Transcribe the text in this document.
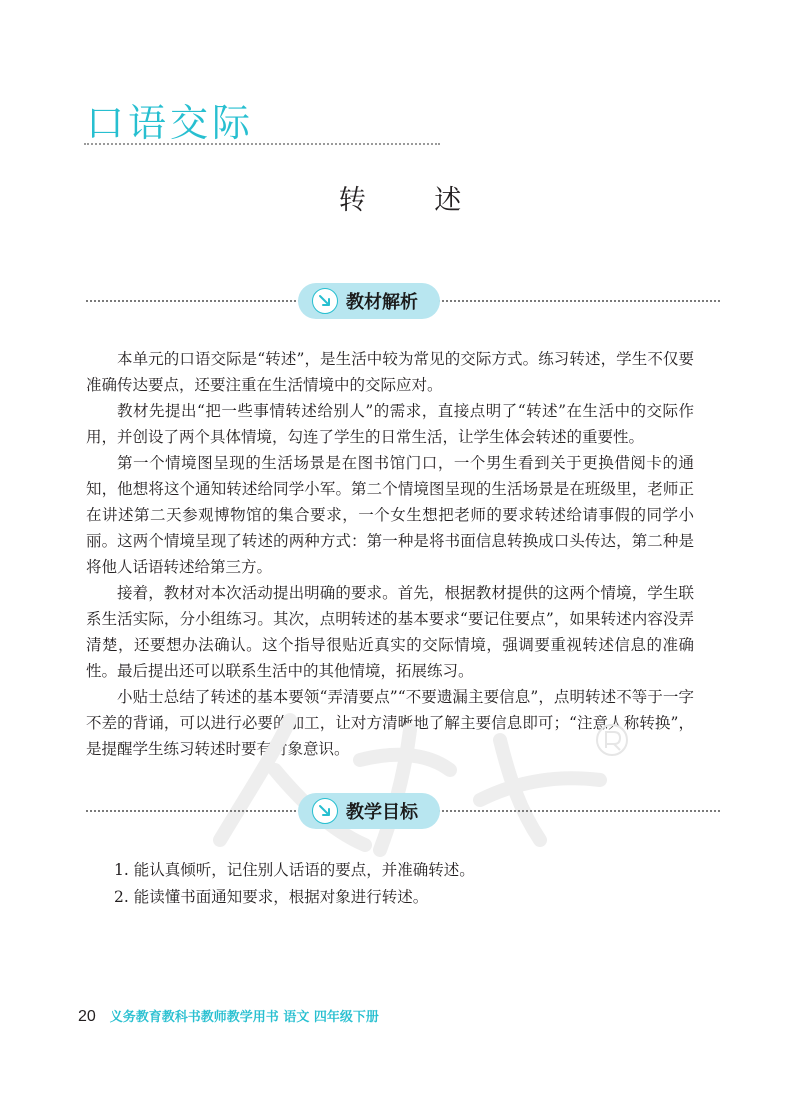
口语交际
转 述
教材解析

本单元的口语交际是“转述”，是生活中较为常见的交际方式。练习转述，学生不仅要准确传达要点，还要注重在生活情境中的交际应对。

教材先提出“把一些事情转述给别人”的需求，直接点明了“转述”在生活中的交际作用，并创设了两个具体情境，勾连了学生的日常生活，让学生体会转述的重要性。

第一个情境图呈现的生活场景是在图书馆门口，一个男生看到关于更换借阅卡的通知，他想将这个通知转述给同学小军。第二个情境图呈现的生活场景是在班级里，老师正在讲述第二天参观博物馆的集合要求，一个女生想把老师的要求转述给请事假的同学小丽。这两个情境呈现了转述的两种方式：第一种是将书面信息转换成口头传达，第二种是将他人话语转述给第三方。

接着，教材对本次活动提出明确的要求。首先，根据教材提供的这两个情境，学生联系生活实际，分小组练习。其次，点明转述的基本要求“要记住要点”，如果转述内容没弄清楚，还要想办法确认。这个指导很贴近真实的交际情境，强调要重视转述信息的准确性。最后提出还可以联系生活中的其他情境，拓展练习。

小贴士总结了转述的基本要领“弄清要点”“不要遗漏主要信息”，点明转述不等于一字不差的背诵，可以进行必要的加工，让对方清晰地了解主要信息即可；“注意人称转换”，是提醒学生练习转述时要有对象意识。

教学目标
1. 能认真倾听，记住别人话语的要点，并准确转述。
2. 能读懂书面通知要求，根据对象进行转述。
20 义务教育教科书教师教学用书 语文 四年级下册
